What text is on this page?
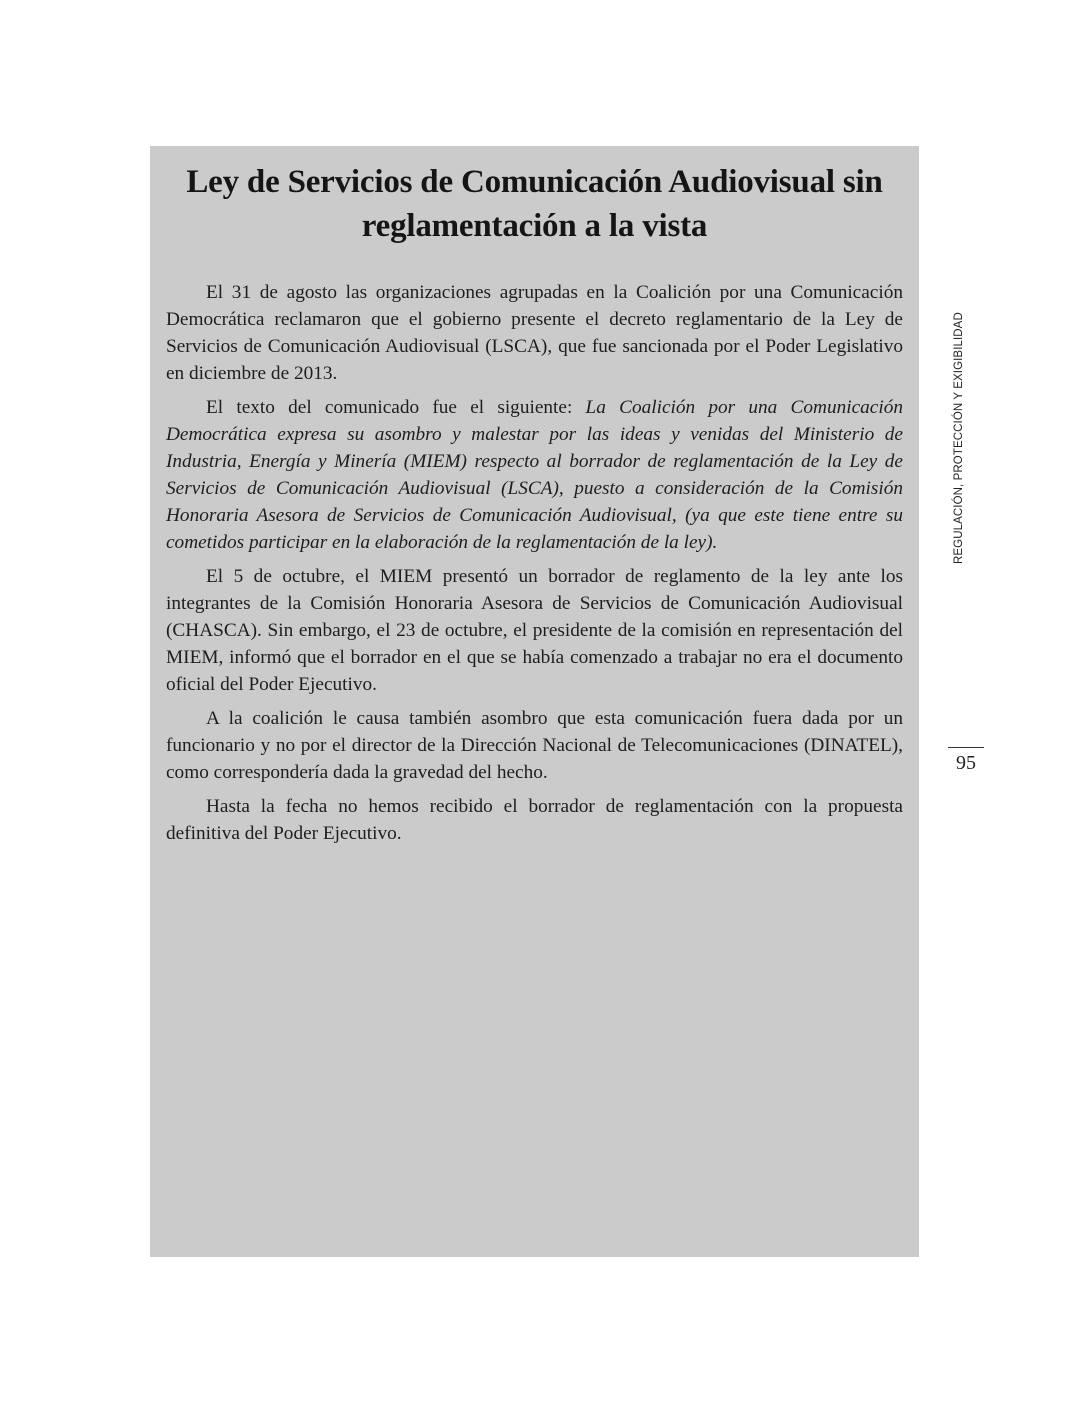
Ley de Servicios de Comunicación Audiovisual sin
reglamentación a la vista

El 31 de agosto las organizaciones agrupadas en la Coalición por una Comunicación Democrática reclamaron que el gobierno presente el decreto reglamentario de la Ley de Servicios de Comunicación Audiovisual (LSCA), que fue sancionada por el Poder Legislativo en diciembre de 2013.

El texto del comunicado fue el siguiente: La Coalición por una Comunicación Democrática expresa su asombro y malestar por las ideas y venidas del Ministerio de Industria, Energía y Minería (MIEM) respecto al borrador de reglamentación de la Ley de Servicios de Comunicación Audiovisual (LSCA), puesto a consideración de la Comisión Honoraria Asesora de Servicios de Comunicación Audiovisual, (ya que este tiene entre su cometidos participar en la elaboración de la reglamentación de la ley).

El 5 de octubre, el MIEM presentó un borrador de reglamento de la ley ante los integrantes de la Comisión Honoraria Asesora de Servicios de Comunicación Audiovisual (CHASCA). Sin embargo, el 23 de octubre, el presidente de la comisión en representación del MIEM, informó que el borrador en el que se había comenzado a trabajar no era el documento oficial del Poder Ejecutivo.

A la coalición le causa también asombro que esta comunicación fuera dada por un funcionario y no por el director de la Dirección Nacional de Telecomunicaciones (DINATEL), como correspondería dada la gravedad del hecho.

Hasta la fecha no hemos recibido el borrador de reglamentación con la propuesta definitiva del Poder Ejecutivo.

REGULACIÓN, PROTECCIÓN Y EXIGIBILIDAD
95
